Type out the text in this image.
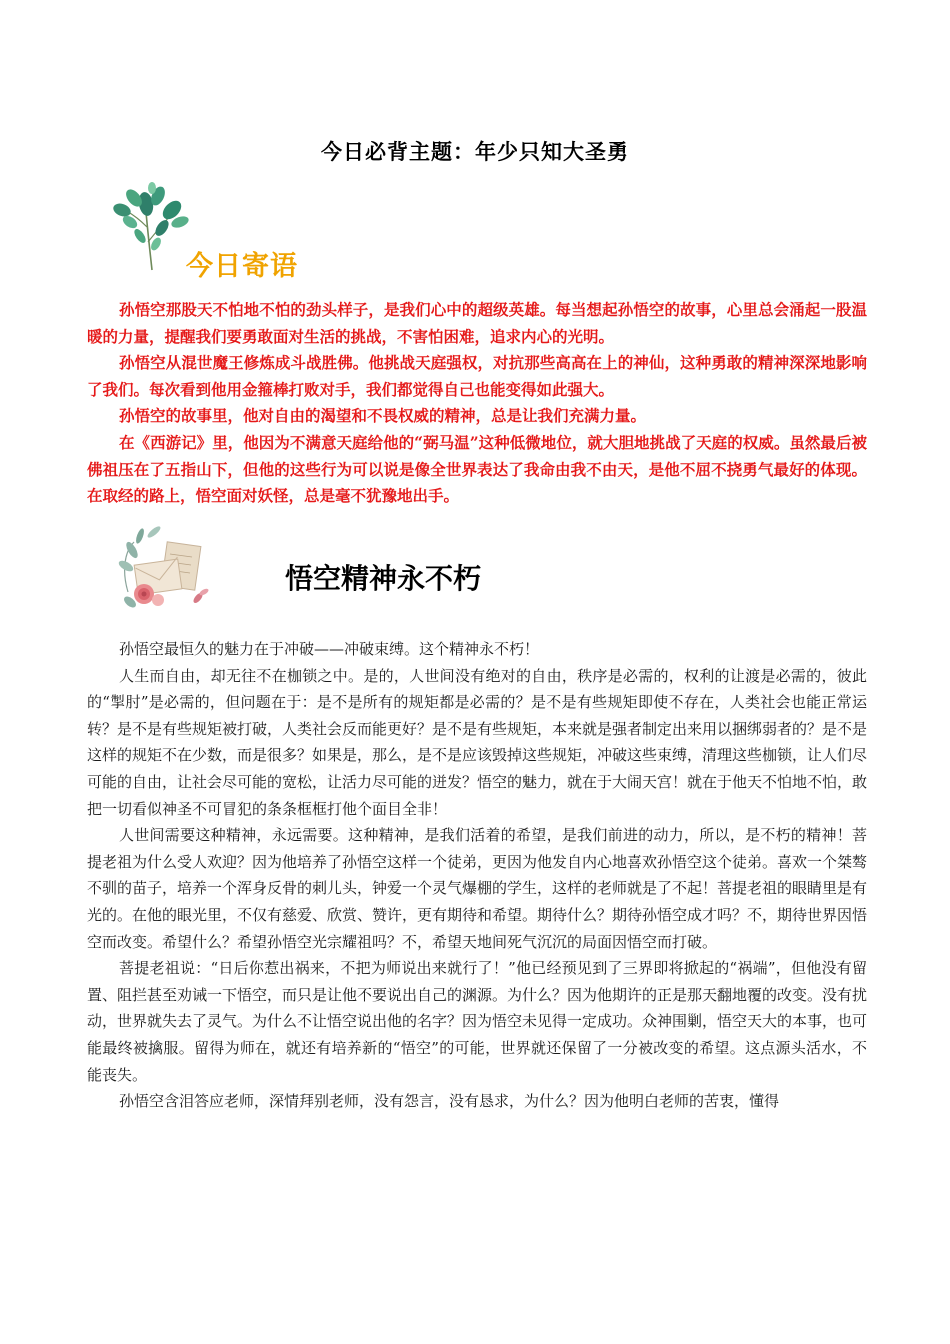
今日必背主题：年少只知大圣勇
今日寄语

孙悟空那股天不怕地不怕的劲头样子，是我们心中的超级英雄。每当想起孙悟空的故事，心里总会涌起一股温暖的力量，提醒我们要勇敢面对生活的挑战，不害怕困难，追求内心的光明。

孙悟空从混世魔王修炼成斗战胜佛。他挑战天庭强权，对抗那些高高在上的神仙，这种勇敢的精神深深地影响了我们。每次看到他用金箍棒打败对手，我们都觉得自己也能变得如此强大。

孙悟空的故事里，他对自由的渴望和不畏权威的精神，总是让我们充满力量。

在《西游记》里，他因为不满意天庭给他的“弼马温”这种低微地位，就大胆地挑战了天庭的权威。虽然最后被佛祖压在了五指山下，但他的这些行为可以说是像全世界表达了我命由我不由天，是他不屈不挠勇气最好的体现。在取经的路上，悟空面对妖怪，总是毫不犹豫地出手。

悟空精神永不朽

孙悟空最恒久的魅力在于冲破——冲破束缚。这个精神永不朽！

人生而自由，却无往不在枷锁之中。是的，人世间没有绝对的自由，秩序是必需的，权利的让渡是必需的，彼此的“掣肘”是必需的，但问题在于：是不是所有的规矩都是必需的？是不是有些规矩即使不存在，人类社会也能正常运转？是不是有些规矩被打破，人类社会反而能更好？是不是有些规矩，本来就是强者制定出来用以捆绑弱者的？是不是这样的规矩不在少数，而是很多？如果是，那么，是不是应该毁掉这些规矩，冲破这些束缚，清理这些枷锁，让人们尽可能的自由，让社会尽可能的宽松，让活力尽可能的迸发？悟空的魅力，就在于大闹天宫！就在于他天不怕地不怕，敢把一切看似神圣不可冒犯的条条框框打他个面目全非！

人世间需要这种精神，永远需要。这种精神，是我们活着的希望，是我们前进的动力，所以，是不朽的精神！菩提老祖为什么受人欢迎？因为他培养了孙悟空这样一个徒弟，更因为他发自内心地喜欢孙悟空这个徒弟。喜欢一个桀骜不驯的苗子，培养一个浑身反骨的刺儿头，钟爱一个灵气爆棚的学生，这样的老师就是了不起！菩提老祖的眼睛里是有光的。在他的眼光里，不仅有慈爱、欣赏、赞许，更有期待和希望。期待什么？期待孙悟空成才吗？不，期待世界因悟空而改变。希望什么？希望孙悟空光宗耀祖吗？不，希望天地间死气沉沉的局面因悟空而打破。

菩提老祖说：“日后你惹出祸来，不把为师说出来就行了！”他已经预见到了三界即将掀起的“祸端”，但他没有留置、阻拦甚至劝诫一下悟空，而只是让他不要说出自己的渊源。为什么？因为他期许的正是那天翻地覆的改变。没有扰动，世界就失去了灵气。为什么不让悟空说出他的名字？因为悟空未见得一定成功。众神围剿，悟空天大的本事，也可能最终被擒服。留得为师在，就还有培养新的“悟空”的可能，世界就还保留了一分被改变的希望。这点源头活水，不能丧失。

孙悟空含泪答应老师，深情拜别老师，没有怨言，没有恳求，为什么？因为他明白老师的苦衷，懂得
